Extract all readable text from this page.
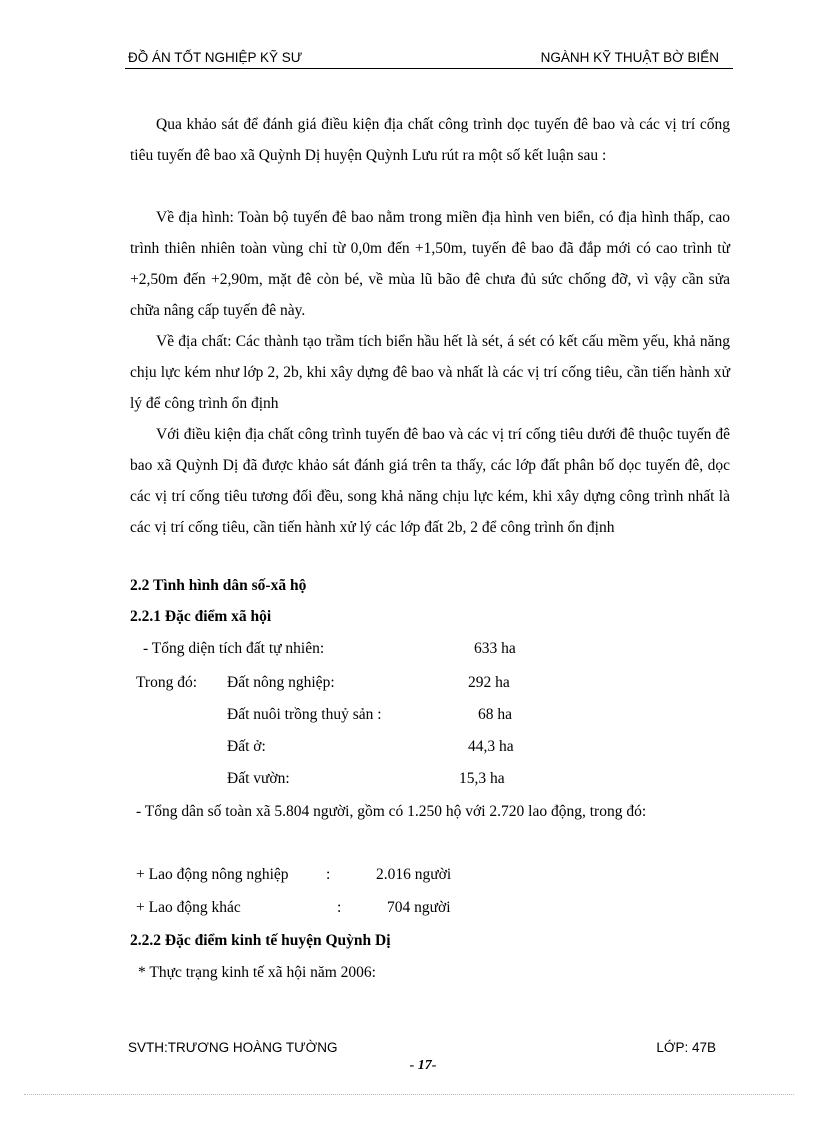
ĐỒ ÁN TỐT NGHIỆP KỸ SƯ	NGÀNH KỸ THUẬT BỜ BIỂN

Qua khảo sát để đánh giá điều kiện địa chất công trình dọc tuyến đê bao và các vị trí cống tiêu tuyến đê bao xã Quỳnh Dị huyện Quỳnh Lưu rút ra một số kết luận sau :

Về địa hình: Toàn bộ tuyến đê bao nằm trong miền địa hình ven biển, có địa hình thấp, cao trình thiên nhiên toàn vùng chỉ từ 0,0m đến +1,50m, tuyến đê bao đã đắp mới có cao trình từ +2,50m đến +2,90m, mặt đê còn bé, về mùa lũ bão đê chưa đủ sức chống đỡ, vì vậy cần sửa chữa nâng cấp tuyến đê này.

Về địa chất: Các thành tạo trầm tích biển hầu hết là sét, á sét có kết cấu mềm yếu, khả năng chịu lực kém như lớp 2, 2b, khi xây dựng đê bao và nhất là các vị trí cống tiêu, cần tiến hành xử lý để công trình ổn định

Với điều kiện địa chất công trình tuyến đê bao và các vị trí cống tiêu dưới đê thuộc tuyến đê bao xã Quỳnh Dị đã được khảo sát đánh giá trên ta thấy, các lớp đất phân bố dọc tuyến đê, dọc các vị trí cống tiêu tương đối đều, song khả năng chịu lực kém, khi xây dựng công trình nhất là các vị trí cống tiêu, cần tiến hành xử lý các lớp đất 2b, 2 để công trình ổn định

2.2 Tình hình dân số-xã hộ
2.2.1 Đặc điểm xã hội
- Tổng diện tích đất tự nhiên:	633 ha
Trong đó: Đất nông nghiệp:	292 ha
Đất nuôi trồng thuỷ sản :	68 ha
Đất ở:	44,3 ha
Đất vườn:	15,3 ha
- Tổng dân số toàn xã 5.804 người, gồm có 1.250 hộ với 2.720 lao động, trong đó:
+ Lao động nông nghiệp :	2.016 người
+ Lao động khác	:	704 người
2.2.2 Đặc điểm kinh tế huyện Quỳnh Dị
* Thực trạng kinh tế xã hội năm 2006:
SVTH:TRƯƠNG HOÀNG TƯỜNG	LỚP: 47B
- 17-
